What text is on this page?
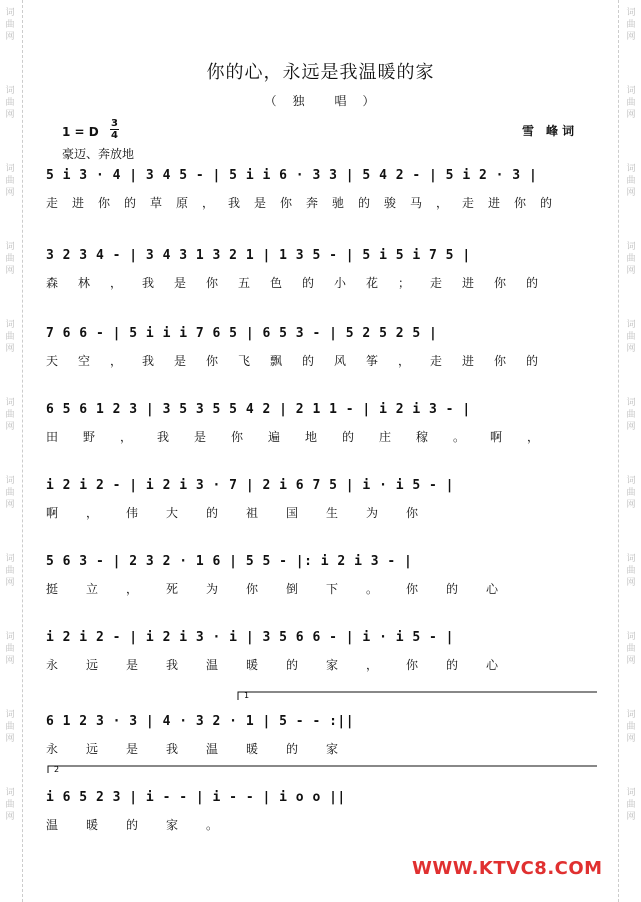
词
曲
网
词
曲
网
词
曲
网
词
曲
网
词
曲
网
词
曲
网
词
曲
网
词
曲
网
词
曲
网
词
曲
网
词
曲
网
词
曲
网
词
曲
网
词
曲
网
词
曲
网
词
曲
网
词
曲
网
词
曲
网
词
曲
网
词
曲
网
词
曲
网
词
曲
网
你的心，永远是我温暖的家
（　独　　唱　）
1 = D
3
4	雪　峰 词
豪迈、奔放地
5 i 3 · 4 | 3 4 5 - | 5 i i 6 · 3 3 | 5 4 2 - | 5 i 2 · 3 |
走进你的草原，我是你奔驰的骏马，走进你的
3 2 3 4 - | 3 4 3 1 3 2 1 | 1 3 5 - | 5 i 5 i 7 5 |
森林，我是你五色的小花；走进你的
7 6 6 - | 5 i i i 7 6 5 | 6 5 3 - | 5 2 5 2 5 |
天空，我是你飞飘的风筝，走进你的
6 5 6 1 2 3 | 3 5 3 5 5 4 2 | 2 1 1 - | i 2 i 3 - |
田野，我是你遍地的庄稼。啊，
i 2 i 2 - | i 2 i 3 · 7 | 2 i 6 7 5 | i · i 5 - |
啊，伟大的祖国生为你
5 6 3 - | 2 3 2 · 1 6 | 5 5 - |: i 2 i 3 - |
挺立，死为你倒下。你的心
i 2 i 2 - | i 2 i 3 · i | 3 5 6 6 - | i · i 5 - |
永远是我温暖的家，你的心
6 1 2 3 · 3 | 4 · 3 2 · 1 | 5 - - :||
永远是我温暖的家
i 6 5 2 3 | i - - | i - - | i o o ||
温暖的家。
1
2
WWW.KTVC8.COM
